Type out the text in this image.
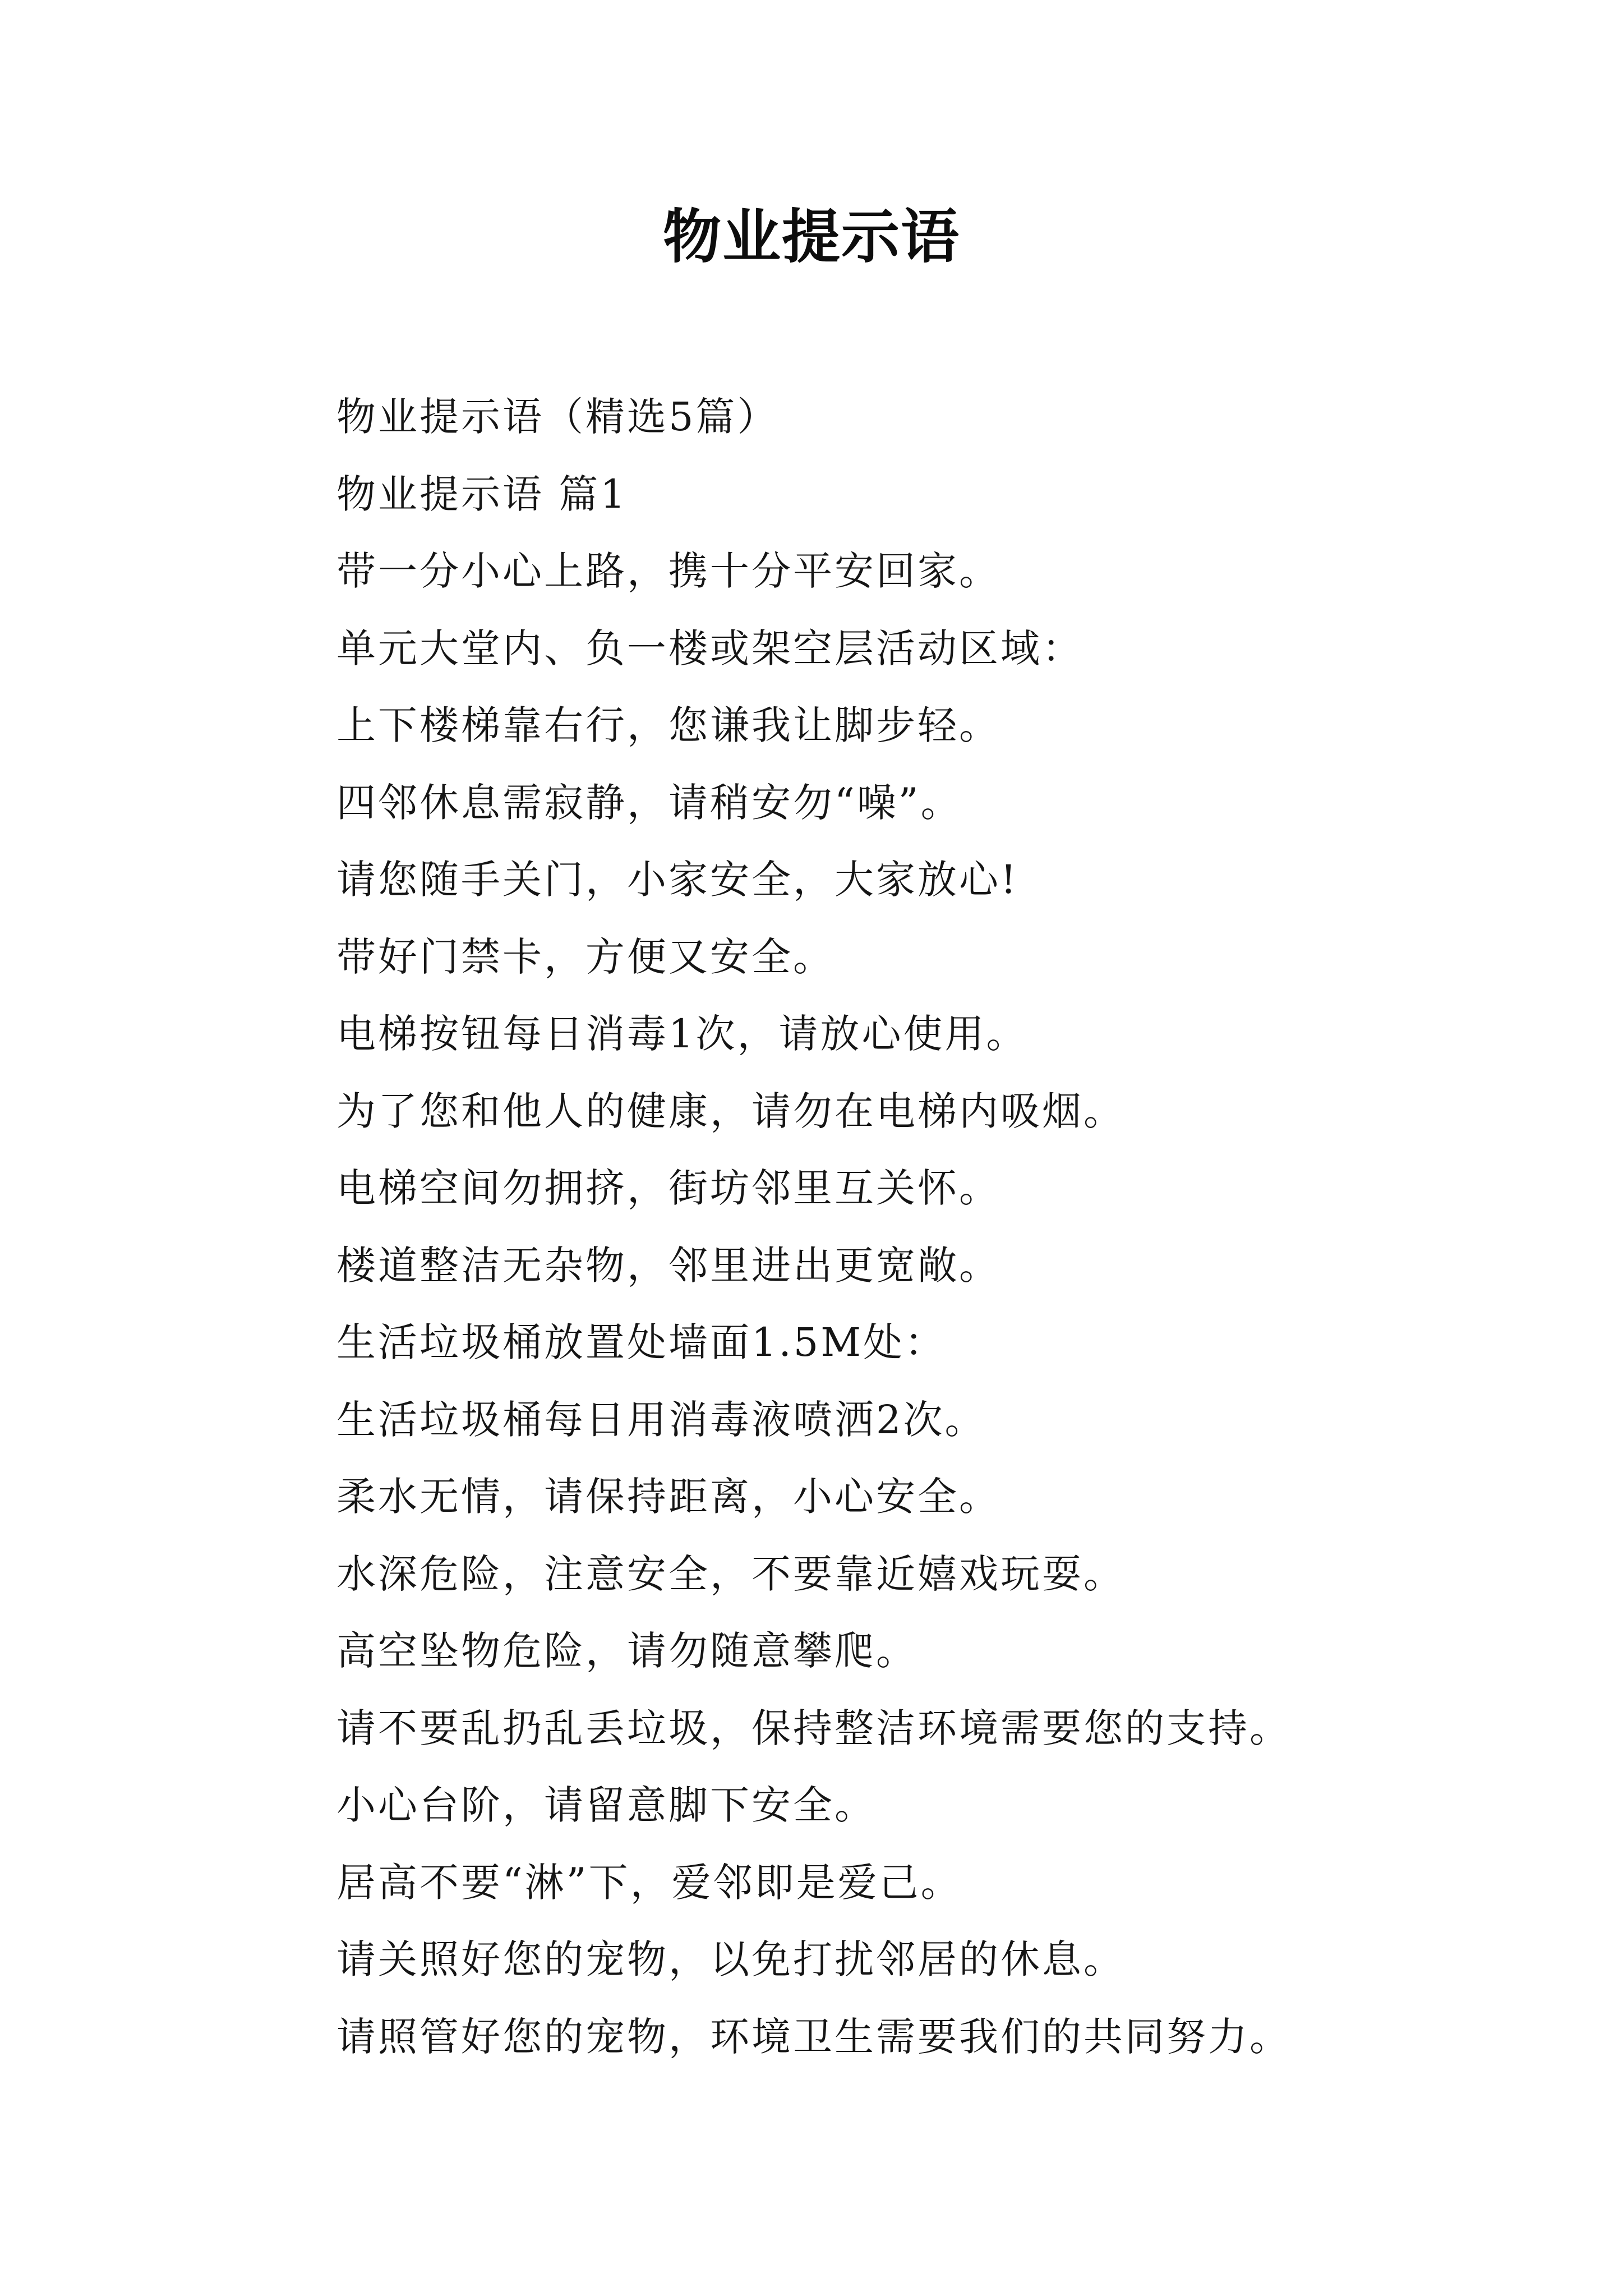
物业提示语
物业提示语（精选5篇）
物业提示语 篇1
带一分小心上路，携十分平安回家。
单元大堂内、负一楼或架空层活动区域：
上下楼梯靠右行，您谦我让脚步轻。
四邻休息需寂静，请稍安勿“噪”。
请您随手关门，小家安全，大家放心!
带好门禁卡，方便又安全。
电梯按钮每日消毒1次，请放心使用。
为了您和他人的健康，请勿在电梯内吸烟。
电梯空间勿拥挤，街坊邻里互关怀。
楼道整洁无杂物，邻里进出更宽敞。
生活垃圾桶放置处墙面1.5M处：
生活垃圾桶每日用消毒液喷洒2次。
柔水无情，请保持距离，小心安全。
水深危险，注意安全，不要靠近嬉戏玩耍。
高空坠物危险，请勿随意攀爬。
请不要乱扔乱丢垃圾，保持整洁环境需要您的支持。
小心台阶，请留意脚下安全。
居高不要“淋”下，爱邻即是爱己。
请关照好您的宠物，以免打扰邻居的休息。
请照管好您的宠物，环境卫生需要我们的共同努力。
